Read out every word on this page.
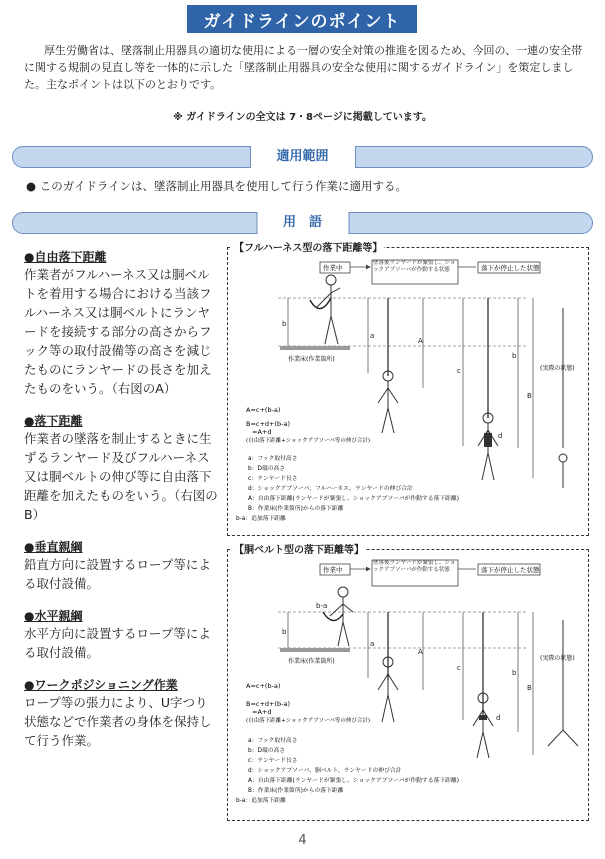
ガイドラインのポイント

厚生労働省は、墜落制止用器具の適切な使用による一層の安全対策の推進を図るため、今回の、一連の安全帯に関する規制の見直し等を一体的に示した「墜落制止用器具の安全な使用に関するガイドライン」を策定しました。主なポイントは以下のとおりです。

※ ガイドラインの全文は 7・8ページに掲載しています。
適用範囲
● このガイドラインは、墜落制止用器具を使用して行う作業に適用する。
用　語
●自由落下距離

作業者がフルハーネス又は胴ベルトを着用する場合における当該フルハーネス又は胴ベルトにランヤードを接続する部分の高さからフック等の取付設備等の高さを減じたものにランヤードの長さを加えたものをいう。（右図のA）

●落下距離

作業者の墜落を制止するときに生ずるランヤード及びフルハーネス又は胴ベルトの伸び等に自由落下距離を加えたものをいう。（右図のB）

●垂直親綱

鉛直方向に設置するロープ等による取付設備。

●水平親綱

水平方向に設置するロープ等による取付設備。

●ワークポジショニング作業

ロープ等の張力により、U字つり状態などで作業者の身体を保持して行う作業。

【フルハーネス型の落下距離等】
作業中
墜落後ランヤードが緊張し、ショックアブソーバが作動する状態	落下が停止した状態
作業床(作業箇所)
b
a
A
c
b
B
d
(実際の状態)
A=c+(b-a)
B=c+d+(b-a)
=A+d
(自由落下距離+ショックアブソーバ等の伸び合計)
a：フック取付高さ
b：D環の高さ
c：ランヤード長さ
d：ショックアブソーバ、フルハーネス、ランヤードの伸び合計
A：自由落下距離(ランヤードが緊張し、ショックアブソーバが作動する落下距離)
B：作業床(作業箇所)からの落下距離
b-a：追加落下距離
【胴ベルト型の落下距離等】
作業中
墜落後ランヤードが緊張し、ショックアブソーバが作動する状態	落下が停止した状態
作業床(作業箇所)
b-a
b
a
A
c
b
B
d
(実際の状態)
A=c+(b-a)
B=c+d+(b-a)
=A+d
(自由落下距離+ショックアブソーバ等の伸び合計)
a：フック取付高さ
b：D環の高さ
c：ランヤード長さ
d：ショックアブソーバ、胴ベルト、ランヤードの伸び合計
A：自由落下距離(ランヤードが緊張し、ショックアブソーバが作動する落下距離)
B：作業床(作業箇所)からの落下距離
b-a：追加落下距離
4
